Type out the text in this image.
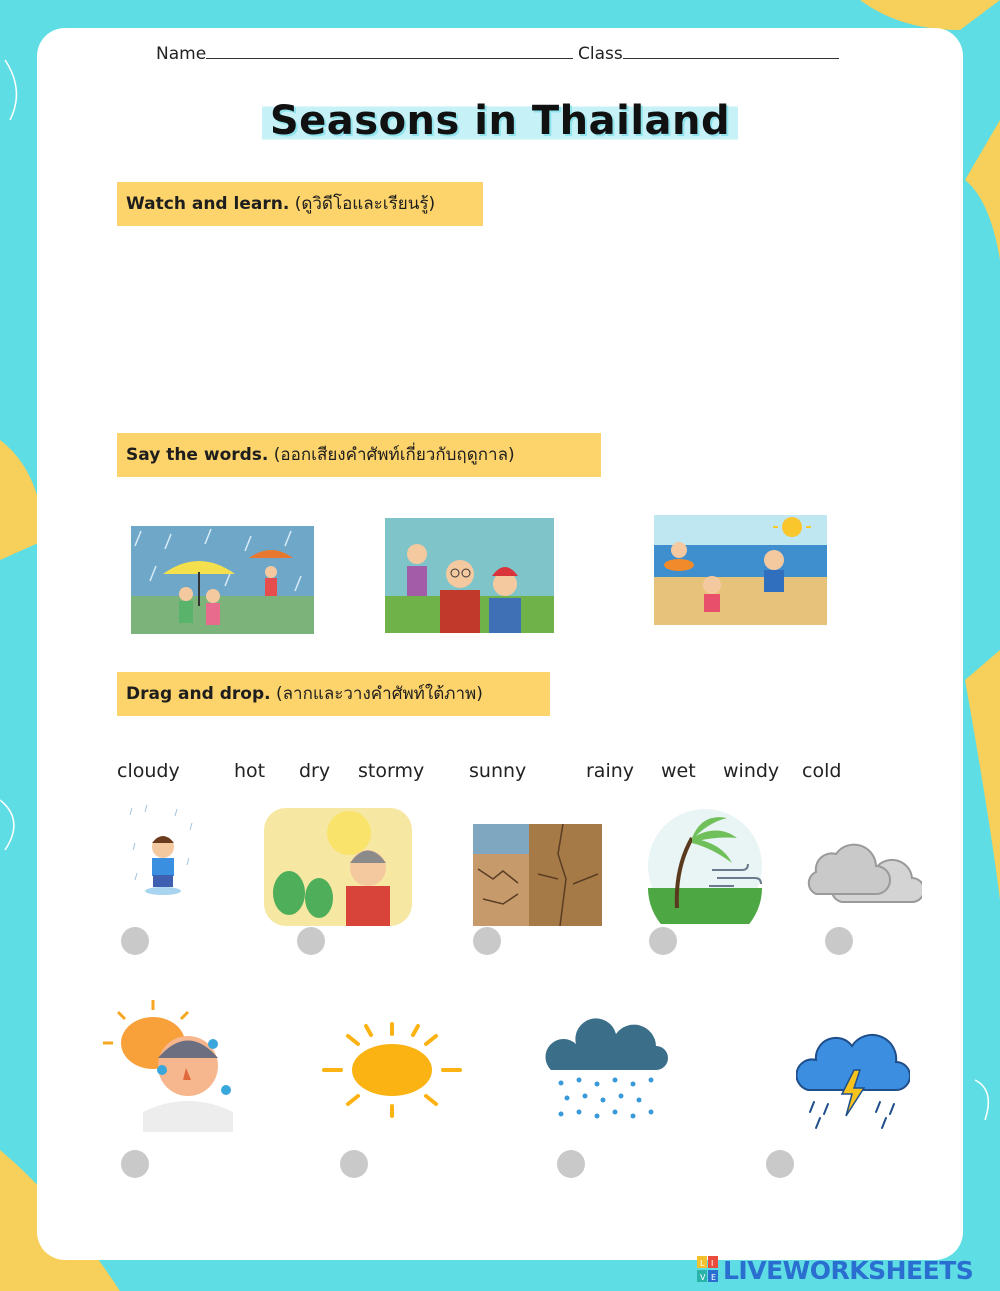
Name	Class
Seasons in Thailand
Watch and learn. (ดูวิดีโอและเรียนรู้)
Say the words. (ออกเสียงคำศัพท์เกี่ยวกับฤดูกาล)
Drag and drop. (ลากและวางคำศัพท์ใต้ภาพ)
cloudy	hot dry stormy sunny	rainy wet windy cold
L I
V E LIVEWORKSHEETS
